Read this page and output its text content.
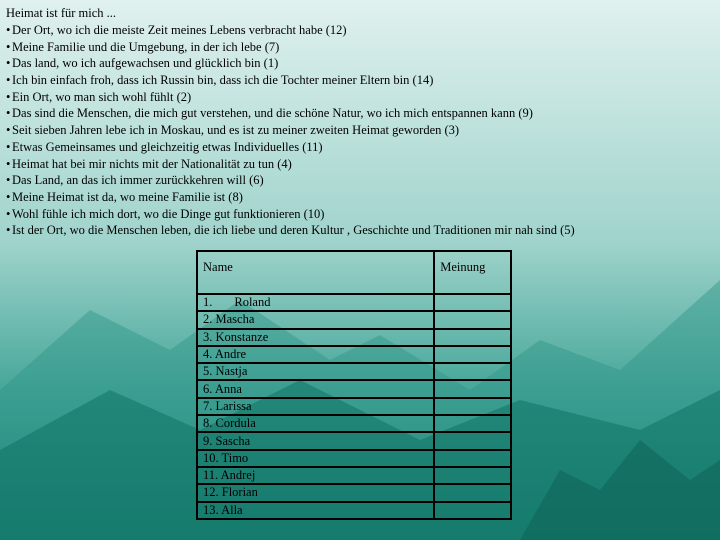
Heimat ist für mich ...
• Der Ort, wo ich die meiste Zeit meines Lebens verbracht habe (12)
• Meine Familie und die Umgebung, in der ich lebe (7)
• Das land, wo ich aufgewachsen und glücklich bin (1)
• Ich bin einfach froh, dass ich Russin bin, dass ich die Tochter meiner Eltern bin (14)
• Ein Ort, wo man sich wohl fühlt (2)
• Das sind die Menschen, die mich gut verstehen, und die schöne Natur, wo ich mich entspannen kann (9)
• Seit sieben Jahren lebe ich in Moskau, und es ist zu meiner zweiten Heimat geworden (3)
• Etwas Gemeinsames und gleichzeitig etwas Individuelles (11)
• Heimat hat bei mir nichts mit der Nationalität zu tun (4)
• Das Land, an das ich immer zurückkehren will (6)
• Meine Heimat ist da, wo meine Familie ist (8)
• Wohl fühle ich mich dort, wo die Dinge gut funktionieren (10)
• Ist der Ort, wo die Menschen leben, die ich liebe und deren Kultur , Geschichte und Traditionen mir nah sind (5)
Name	Meinung
1. Roland	
2. Mascha	
3. Konstanze	
4. Andre	
5. Nastja	
6. Anna	
7. Larissa	
8. Cordula	
9. Sascha	
10. Timo	
11. Andrej	
12. Florian	
13. Alla	
